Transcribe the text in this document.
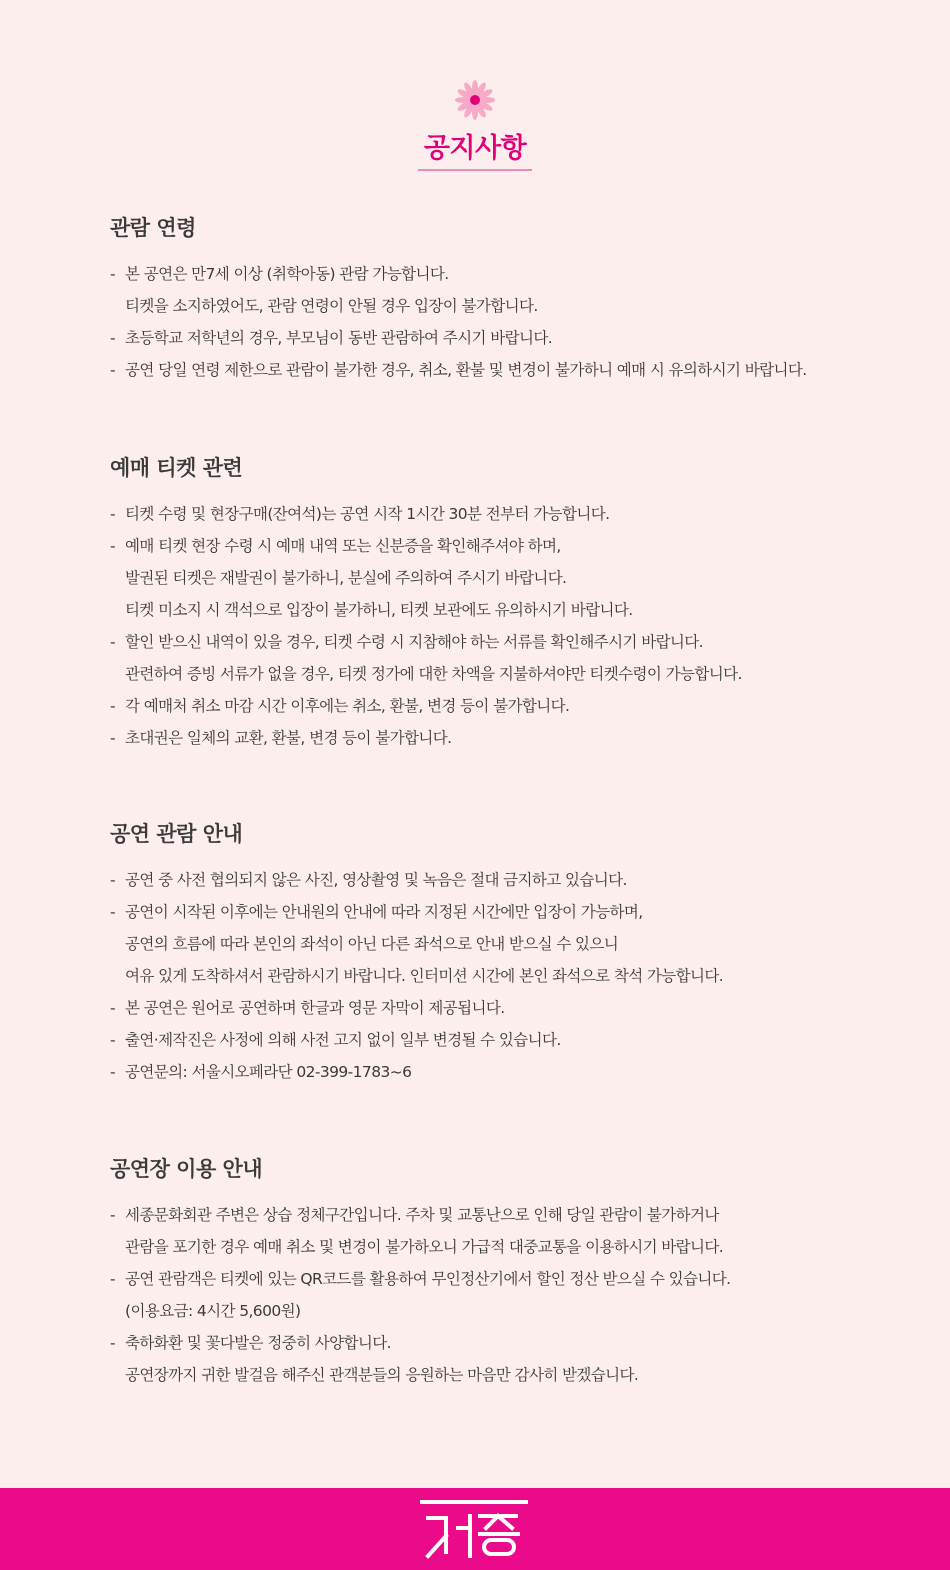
공지사항
관람 연령
- 본 공연은 만7세 이상 (취학아동) 관람 가능합니다.
티켓을 소지하였어도, 관람 연령이 안될 경우 입장이 불가합니다.
- 초등학교 저학년의 경우, 부모님이 동반 관람하여 주시기 바랍니다.
- 공연 당일 연령 제한으로 관람이 불가한 경우, 취소, 환불 및 변경이 불가하니 예매 시 유의하시기 바랍니다.
예매 티켓 관련
- 티켓 수령 및 현장구매(잔여석)는 공연 시작 1시간 30분 전부터 가능합니다.
- 예매 티켓 현장 수령 시 예매 내역 또는 신분증을 확인해주셔야 하며,
발권된 티켓은 재발권이 불가하니, 분실에 주의하여 주시기 바랍니다.
티켓 미소지 시 객석으로 입장이 불가하니, 티켓 보관에도 유의하시기 바랍니다.
- 할인 받으신 내역이 있을 경우, 티켓 수령 시 지참해야 하는 서류를 확인해주시기 바랍니다.
관련하여 증빙 서류가 없을 경우, 티켓 정가에 대한 차액을 지불하셔야만 티켓수령이 가능합니다.
- 각 예매처 취소 마감 시간 이후에는 취소, 환불, 변경 등이 불가합니다.
- 초대권은 일체의 교환, 환불, 변경 등이 불가합니다.
공연 관람 안내
- 공연 중 사전 협의되지 않은 사진, 영상촬영 및 녹음은 절대 금지하고 있습니다.
- 공연이 시작된 이후에는 안내원의 안내에 따라 지정된 시간에만 입장이 가능하며,
공연의 흐름에 따라 본인의 좌석이 아닌 다른 좌석으로 안내 받으실 수 있으니
여유 있게 도착하셔서 관람하시기 바랍니다. 인터미션 시간에 본인 좌석으로 착석 가능합니다.
- 본 공연은 원어로 공연하며 한글과 영문 자막이 제공됩니다.
- 출연·제작진은 사정에 의해 사전 고지 없이 일부 변경될 수 있습니다.
- 공연문의: 서울시오페라단 02-399-1783~6
공연장 이용 안내
- 세종문화회관 주변은 상습 정체구간입니다. 주차 및 교통난으로 인해 당일 관람이 불가하거나
관람을 포기한 경우 예매 취소 및 변경이 불가하오니 가급적 대중교통을 이용하시기 바랍니다.
- 공연 관람객은 티켓에 있는 QR코드를 활용하여 무인정산기에서 할인 정산 받으실 수 있습니다.
(이용요금: 4시간 5,600원)
- 축하화환 및 꽃다발은 정중히 사양합니다.
공연장까지 귀한 발걸음 해주신 관객분들의 응원하는 마음만 감사히 받겠습니다.
